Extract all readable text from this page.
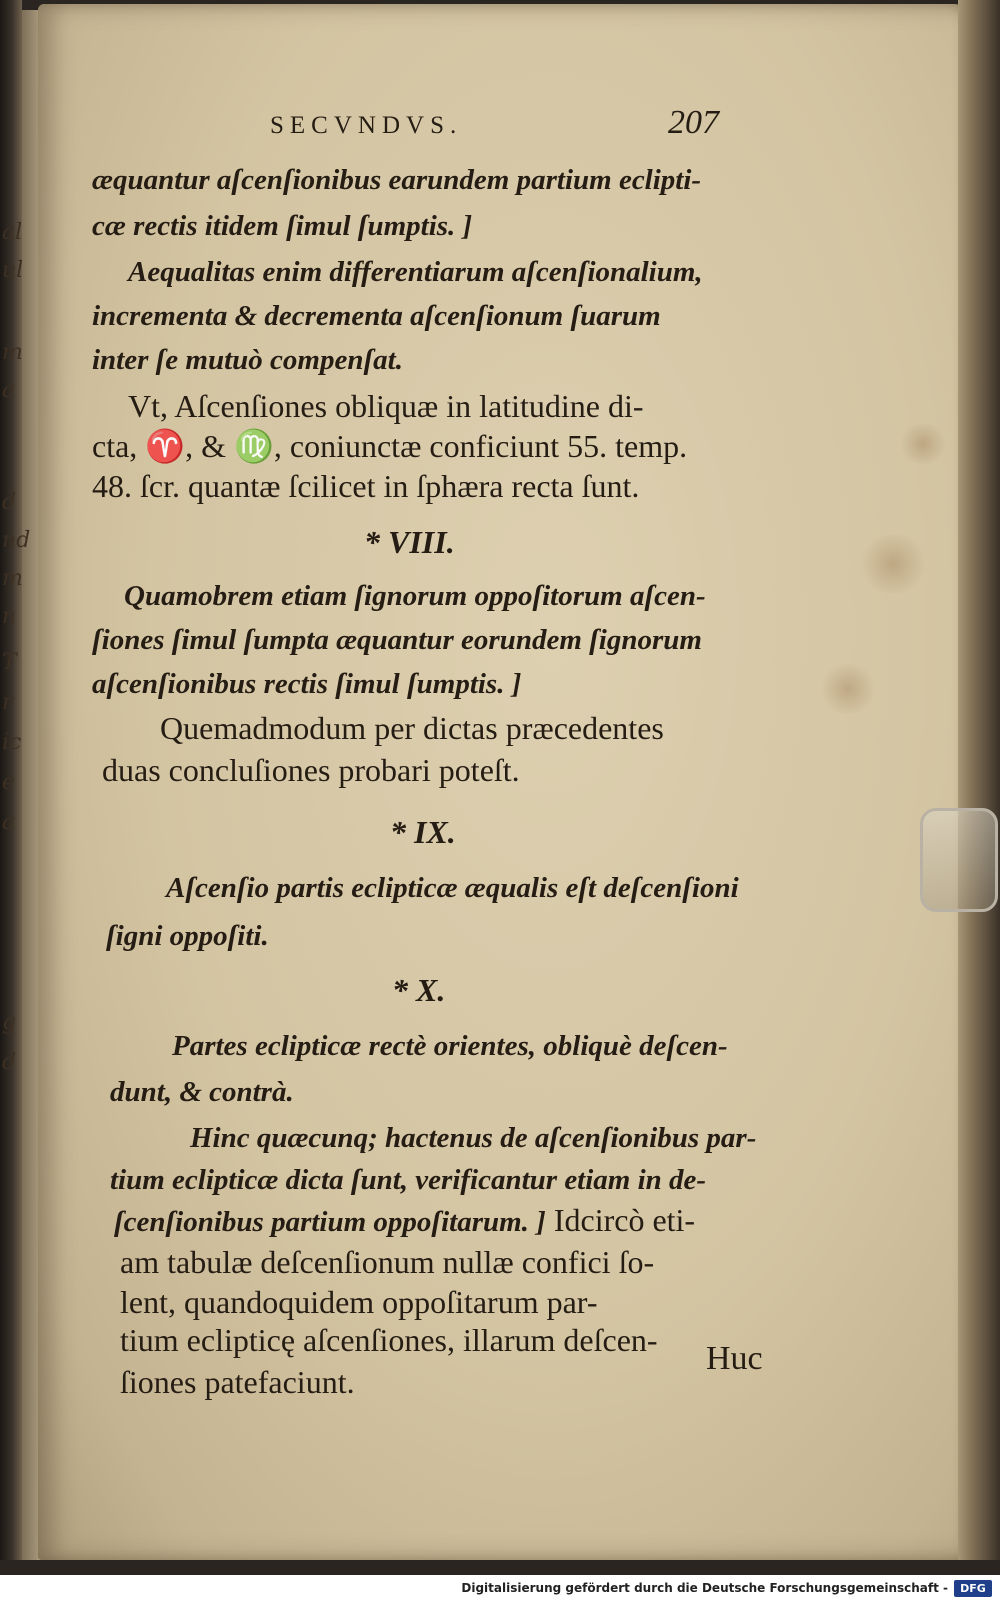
al
ul
m
a
d
nd
m
n
T
r
ic
e
a
g
d
SECVNDVS.	207
æquantur aſcenſionibus earundem partium eclipti-
cæ rectis itidem ſimul ſumptis. ]
Aequalitas enim differentiarum aſcenſionalium,
incrementa & decrementa aſcenſionum ſuarum
inter ſe mutuò compenſat.
Vt, Aſcenſiones obliquæ in latitudine di-
cta, ♈, & ♍, coniunctæ conficiunt 55. temp.
48. ſcr. quantæ ſcilicet in ſphæra recta ſunt.
* VIII.
Quamobrem etiam ſignorum oppoſitorum aſcen-
ſiones ſimul ſumpta æquantur eorundem ſignorum
aſcenſionibus rectis ſimul ſumptis. ]
Quemadmodum per dictas præcedentes
duas concluſiones probari poteſt.
* IX.
Aſcenſio partis eclipticæ æqualis eſt deſcenſioni
ſigni oppoſiti.
* X.
Partes eclipticæ rectè orientes, obliquè deſcen-
dunt, & contrà.
Hinc quæcunq; hactenus de aſcenſionibus par-
tium eclipticæ dicta ſunt, verificantur etiam in de-
ſcenſionibus partium oppoſitarum. ] Idcircò eti-
am tabulæ deſcenſionum nullæ confici ſo-
lent, quandoquidem oppoſitarum par-
tium eclipticę aſcenſiones, illarum deſcen-
ſiones patefaciunt.
Huc
Digitalisierung gefördert durch die Deutsche Forschungsgemeinschaft -	DFG
